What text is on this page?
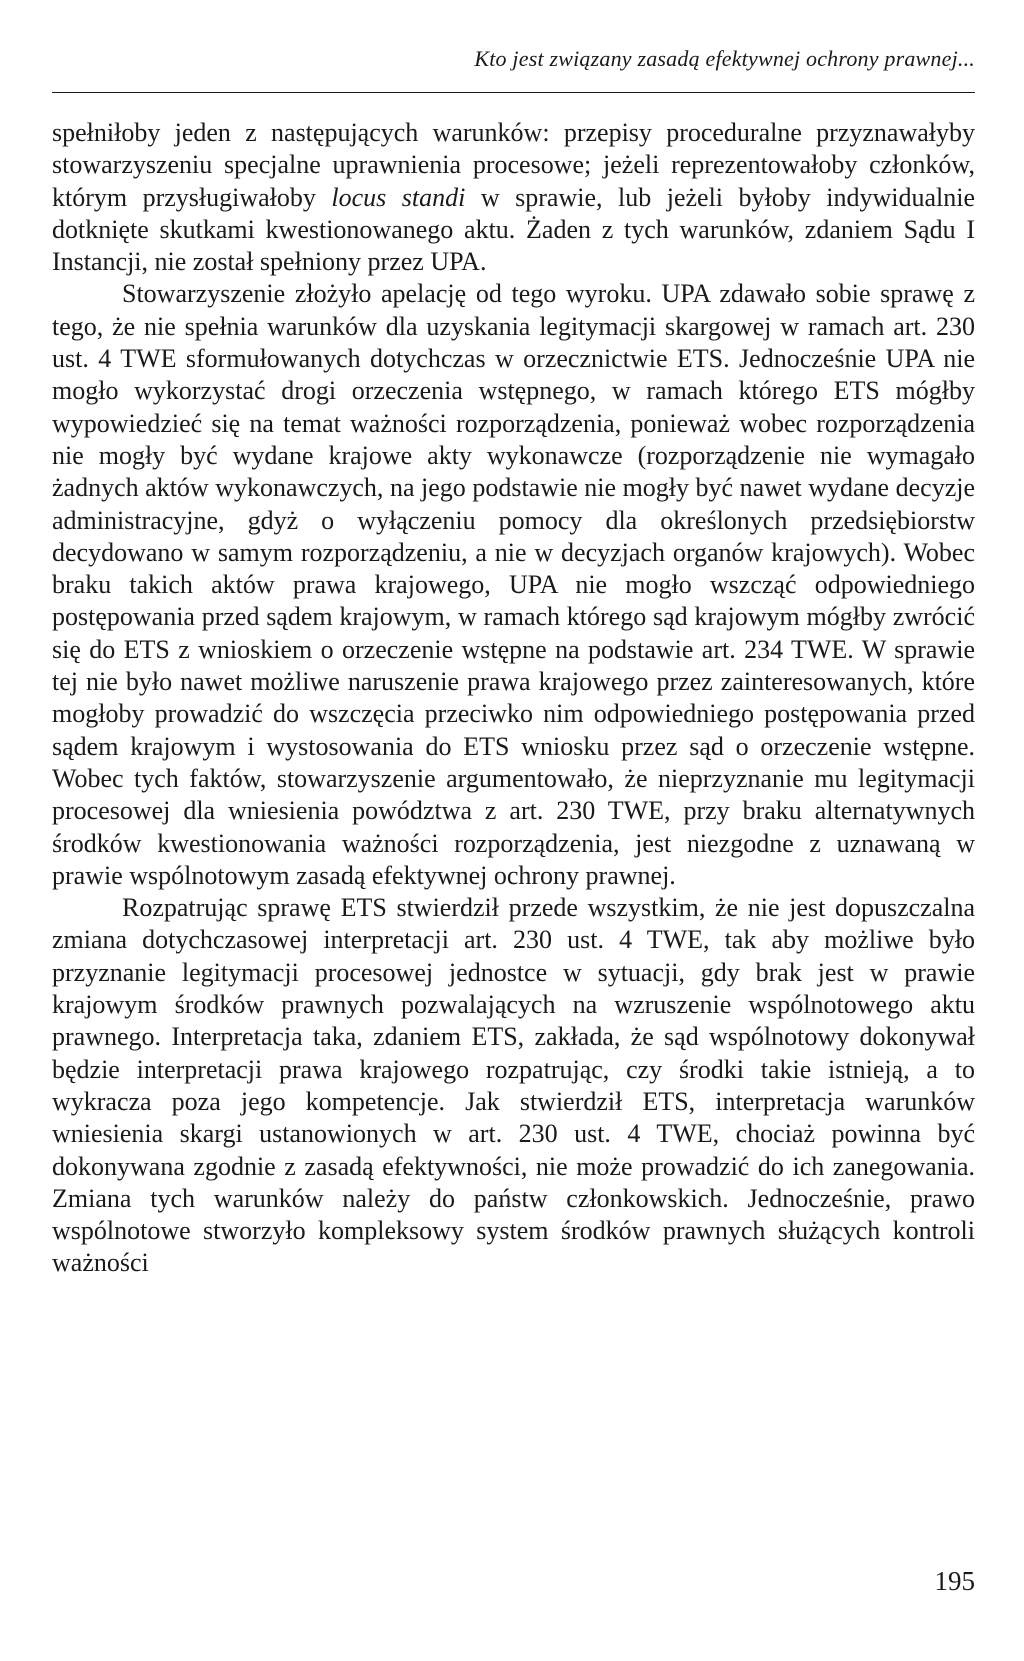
Kto jest związany zasadą efektywnej ochrony prawnej...

spełniłoby jeden z następujących warunków: przepisy proceduralne przyznawałyby stowarzyszeniu specjalne uprawnienia procesowe; jeżeli reprezentowałoby członków, którym przysługiwałoby locus standi w sprawie, lub jeżeli byłoby indywidualnie dotknięte skutkami kwestionowanego aktu. Żaden z tych warunków, zdaniem Sądu I Instancji, nie został spełniony przez UPA.

Stowarzyszenie złożyło apelację od tego wyroku. UPA zdawało sobie sprawę z tego, że nie spełnia warunków dla uzyskania legitymacji skargowej w ramach art. 230 ust. 4 TWE sformułowanych dotychczas w orzecznictwie ETS. Jednocześnie UPA nie mogło wykorzystać drogi orzeczenia wstępnego, w ramach którego ETS mógłby wypowiedzieć się na temat ważności rozporządzenia, ponieważ wobec rozporządzenia nie mogły być wydane krajowe akty wykonawcze (rozporządzenie nie wymagało żadnych aktów wykonawczych, na jego podstawie nie mogły być nawet wydane decyzje administracyjne, gdyż o wyłączeniu pomocy dla określonych przedsiębiorstw decydowano w samym rozporządzeniu, a nie w decyzjach organów krajowych). Wobec braku takich aktów prawa krajowego, UPA nie mogło wszcząć odpowiedniego postępowania przed sądem krajowym, w ramach którego sąd krajowym mógłby zwrócić się do ETS z wnioskiem o orzeczenie wstępne na podstawie art. 234 TWE. W sprawie tej nie było nawet możliwe naruszenie prawa krajowego przez zainteresowanych, które mogłoby prowadzić do wszczęcia przeciwko nim odpowiedniego postępowania przed sądem krajowym i wystosowania do ETS wniosku przez sąd o orzeczenie wstępne. Wobec tych faktów, stowarzyszenie argumentowało, że nieprzyznanie mu legitymacji procesowej dla wniesienia powództwa z art. 230 TWE, przy braku alternatywnych środków kwestionowania ważności rozporządzenia, jest niezgodne z uznawaną w prawie wspólnotowym zasadą efektywnej ochrony prawnej.

Rozpatrując sprawę ETS stwierdził przede wszystkim, że nie jest dopuszczalna zmiana dotychczasowej interpretacji art. 230 ust. 4 TWE, tak aby możliwe było przyznanie legitymacji procesowej jednostce w sytuacji, gdy brak jest w prawie krajowym środków prawnych pozwalających na wzruszenie wspólnotowego aktu prawnego. Interpretacja taka, zdaniem ETS, zakłada, że sąd wspólnotowy dokonywał będzie interpretacji prawa krajowego rozpatrując, czy środki takie istnieją, a to wykracza poza jego kompetencje. Jak stwierdził ETS, interpretacja warunków wniesienia skargi ustanowionych w art. 230 ust. 4 TWE, chociaż powinna być dokonywana zgodnie z zasadą efektywności, nie może prowadzić do ich zanegowania. Zmiana tych warunków należy do państw członkowskich. Jednocześnie, prawo wspólnotowe stworzyło kompleksowy system środków prawnych służących kontroli ważności

195
